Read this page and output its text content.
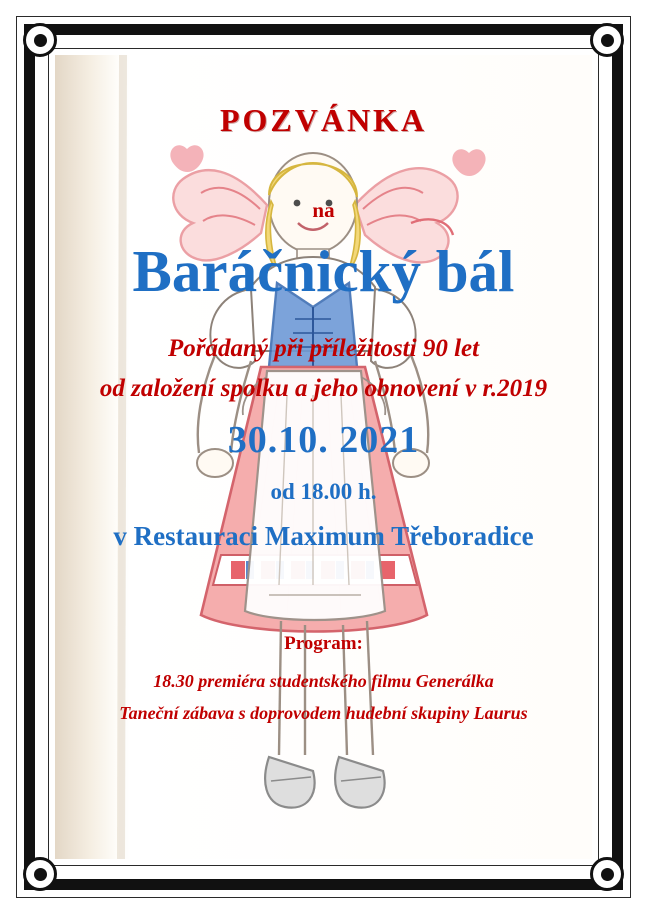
POZVÁNKA
na
Baráčnický bál
Pořádaný při příležitosti 90 let
od založení spolku a jeho obnovení v r.2019
30.10. 2021
od 18.00 h.
v Restauraci Maximum Třeboradice
Program:
18.30 premiéra studentského filmu Generálka
Taneční zábava s doprovodem hudební skupiny Laurus
